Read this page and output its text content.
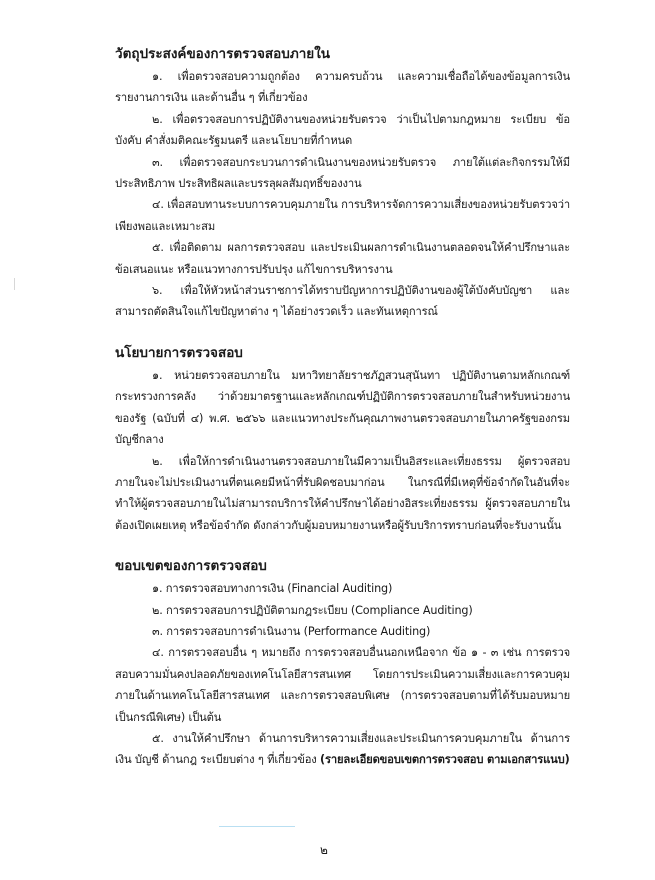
วัตถุประสงค์ของการตรวจสอบภายใน

๑. เพื่อตรวจสอบความถูกต้อง ความครบถ้วน และความเชื่อถือได้ของข้อมูลการเงิน รายงานการเงิน และด้านอื่น ๆ ที่เกี่ยวข้อง

๒. เพื่อตรวจสอบการปฏิบัติงานของหน่วยรับตรวจ ว่าเป็นไปตามกฎหมาย ระเบียบ ข้อบังคับ คำสั่งมติคณะรัฐมนตรี และนโยบายที่กำหนด

๓. เพื่อตรวจสอบกระบวนการดำเนินงานของหน่วยรับตรวจ ภายใต้แต่ละกิจกรรมให้มีประสิทธิภาพ ประสิทธิผลและบรรลุผลสัมฤทธิ์ของงาน

๔. เพื่อสอบทานระบบการควบคุมภายใน การบริหารจัดการความเสี่ยงของหน่วยรับตรวจว่าเพียงพอและเหมาะสม

๕. เพื่อติดตาม ผลการตรวจสอบ และประเมินผลการดำเนินงานตลอดจนให้คำปรึกษาและข้อเสนอแนะ หรือแนวทางการปรับปรุง แก้ไขการบริหารงาน

๖. เพื่อให้หัวหน้าส่วนราชการได้ทราบปัญหาการปฏิบัติงานของผู้ใต้บังคับบัญชา และสามารถตัดสินใจแก้ไขปัญหาต่าง ๆ ได้อย่างรวดเร็ว และทันเหตุการณ์

นโยบายการตรวจสอบ

๑. หน่วยตรวจสอบภายใน มหาวิทยาลัยราชภัฏสวนสุนันทา ปฏิบัติงานตามหลักเกณฑ์กระทรวงการคลัง ว่าด้วยมาตรฐานและหลักเกณฑ์ปฏิบัติการตรวจสอบภายในสำหรับหน่วยงานของรัฐ (ฉบับที่ ๔) พ.ศ. ๒๕๖๖ และแนวทางประกันคุณภาพงานตรวจสอบภายในภาครัฐของกรมบัญชีกลาง

๒. เพื่อให้การดำเนินงานตรวจสอบภายในมีความเป็นอิสระและเที่ยงธรรม ผู้ตรวจสอบภายในจะไม่ประเมินงานที่ตนเคยมีหน้าที่รับผิดชอบมาก่อน ในกรณีที่มีเหตุที่ข้อจำกัดในอันที่จะทำให้ผู้ตรวจสอบภายในไม่สามารถบริการให้คำปรึกษาได้อย่างอิสระเที่ยงธรรม ผู้ตรวจสอบภายในต้องเปิดเผยเหตุ หรือข้อจำกัด ดังกล่าวกับผู้มอบหมายงานหรือผู้รับบริการทราบก่อนที่จะรับงานนั้น

ขอบเขตของการตรวจสอบ

๑. การตรวจสอบทางการเงิน (Financial Auditing)

๒. การตรวจสอบการปฏิบัติตามกฎระเบียบ (Compliance Auditing)

๓. การตรวจสอบการดำเนินงาน (Performance Auditing)

๔. การตรวจสอบอื่น ๆ หมายถึง การตรวจสอบอื่นนอกเหนือจาก ข้อ ๑ - ๓ เช่น การตรวจสอบความมั่นคงปลอดภัยของเทคโนโลยีสารสนเทศ โดยการประเมินความเสี่ยงและการควบคุมภายในด้านเทคโนโลยีสารสนเทศ และการตรวจสอบพิเศษ (การตรวจสอบตามที่ได้รับมอบหมายเป็นกรณีพิเศษ) เป็นต้น

๕. งานให้คำปรึกษา ด้านการบริหารความเสี่ยงและประเมินการควบคุมภายใน ด้านการเงิน บัญชี ด้านกฎ ระเบียบต่าง ๆ ที่เกี่ยวข้อง (รายละเอียดขอบเขตการตรวจสอบ ตามเอกสารแนบ)

๒
